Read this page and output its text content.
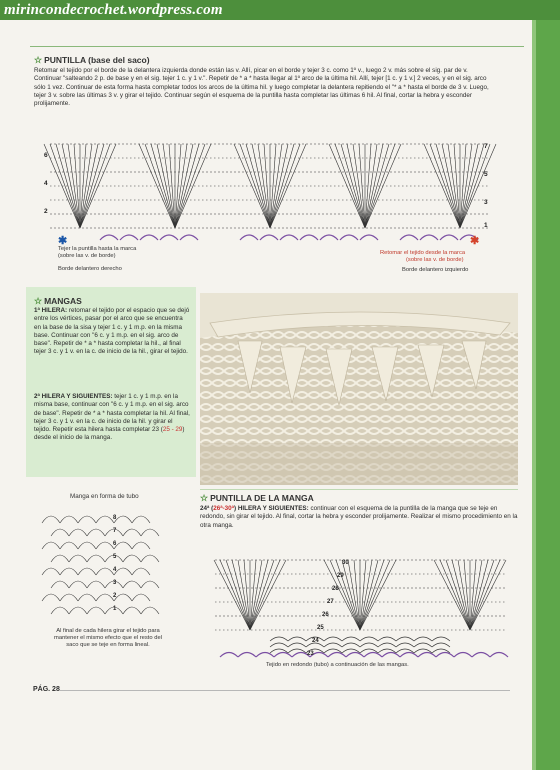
mirincondecrochet.wordpress.com
☆ PUNTILLA (base del saco)
Retomar el tejido por el borde de la delantera izquierda donde están las v. Allí, picar en el borde y tejer 3 c. como 1º v., luego 2 v. más sobre el sig. par de v. Continuar "salteando 2 p. de base y en el sig. tejer 1 c. y 1 v.". Repetir de * a * hasta llegar al 1º arco de la última hil. Allí, tejer [1 c. y 1 v.] 2 veces, y en el sig. arco sólo 1 vez. Continuar de esta forma hasta completar todos los arcos de la última hil. y luego completar la delantera repitiendo el "* a * hasta el borde de 3 v. Luego, tejer 3 v. sobre las últimas 3 v. y girar el tejido. Continuar según el esquema de la puntilla hasta completar las últimas 6 hil. Al final, cortar la hebra y esconder prolijamente.
6
4
2
7
5
3
1
✱	✱
Tejer la puntilla hasta la marca
(sobre las v. de borde)
Borde delantero derecho
Retomar el tejido desde la marca
(sobre las v. de borde)
Borde delantero izquierdo
☆ MANGAS
1ª HILERA: retomar el tejido por el espacio que se dejó entre los vértices, pasar por el arco que se encuentra en la base de la sisa y tejer 1 c. y 1 m.p. en la misma base. Continuar con "6 c. y 1 m.p. en el sig. arco de base". Repetir de * a * hasta completar la hil., al final tejer 3 c. y 1 v. en la c. de inicio de la hil., girar el tejido.
2ª HILERA Y SIGUIENTES: tejer 1 c. y 1 m.p. en la misma base, continuar con "6 c. y 1 m.p. en el sig. arco de base". Repetir de * a * hasta completar la hil. Al final, tejer 3 c. y 1 v. en la c. de inicio de la hil. y girar el tejido. Repetir esta hilera hasta completar 23 (25 - 29) desde el inicio de la manga.
Manga en forma de tubo
8
7
6
5
4
3
2
1
Al final de cada hilera girar el tejido para mantener el mismo efecto que el resto del saco que se teje en forma lineal.
☆ PUNTILLA DE LA MANGA
24ª (26ª-30ª) HILERA Y SIGUIENTES: continuar con el esquema de la puntilla de la manga que se teje en redondo, sin girar el tejido. Al final, cortar la hebra y esconder prolijamente. Realizar el mismo procedimiento en la otra manga.
30
29
28
27
26
25
24
23
Tejido en redondo (tubo) a continuación de las mangas.
PÁG. 28
